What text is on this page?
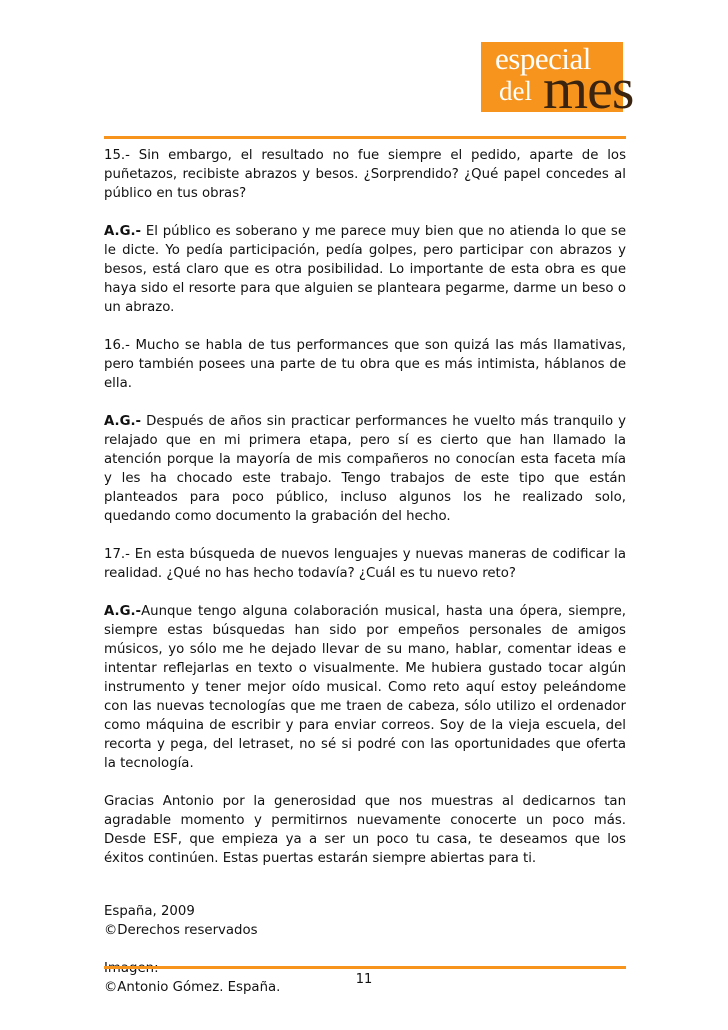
especial
del mes

15.- Sin embargo, el resultado no fue siempre el pedido, aparte de los puñetazos, recibiste abrazos y besos. ¿Sorprendido? ¿Qué papel concedes al público en tus obras?

A.G.- El público es soberano y me parece muy bien que no atienda lo que se le dicte. Yo pedía participación, pedía golpes, pero participar con abrazos y besos, está claro que es otra posibilidad. Lo importante de esta obra es que haya sido el resorte para que alguien se planteara pegarme, darme un beso o un abrazo.

16.- Mucho se habla de tus performances que son quizá las más llamativas, pero también posees una parte de tu obra que es más intimista, háblanos de ella.

A.G.- Después de años sin practicar performances he vuelto más tranquilo y relajado que en mi primera etapa, pero sí es cierto que han llamado la atención porque la mayoría de mis compañeros no conocían esta faceta mía y les ha chocado este trabajo. Tengo trabajos de este tipo que están planteados para poco público, incluso algunos los he realizado solo, quedando como documento la grabación del hecho.

17.- En esta búsqueda de nuevos lenguajes y nuevas maneras de codificar la realidad. ¿Qué no has hecho todavía? ¿Cuál es tu nuevo reto?

A.G.-Aunque tengo alguna colaboración musical, hasta una ópera, siempre, siempre estas búsquedas han sido por empeños personales de amigos músicos, yo sólo me he dejado llevar de su mano, hablar, comentar ideas e intentar reflejarlas en texto o visualmente. Me hubiera gustado tocar algún instrumento y tener mejor oído musical. Como reto aquí estoy peleándome con las nuevas tecnologías que me traen de cabeza, sólo utilizo el ordenador como máquina de escribir y para enviar correos. Soy de la vieja escuela, del recorta y pega, del letraset, no sé si podré con las oportunidades que oferta la tecnología.

Gracias Antonio por la generosidad que nos muestras al dedicarnos tan agradable momento y permitirnos nuevamente conocerte un poco más. Desde ESF, que empieza ya a ser un poco tu casa, te deseamos que los éxitos continúen. Estas puertas estarán siempre abiertas para ti.

España, 2009
©Derechos reservados
©Antonio Gómez. España.
11
